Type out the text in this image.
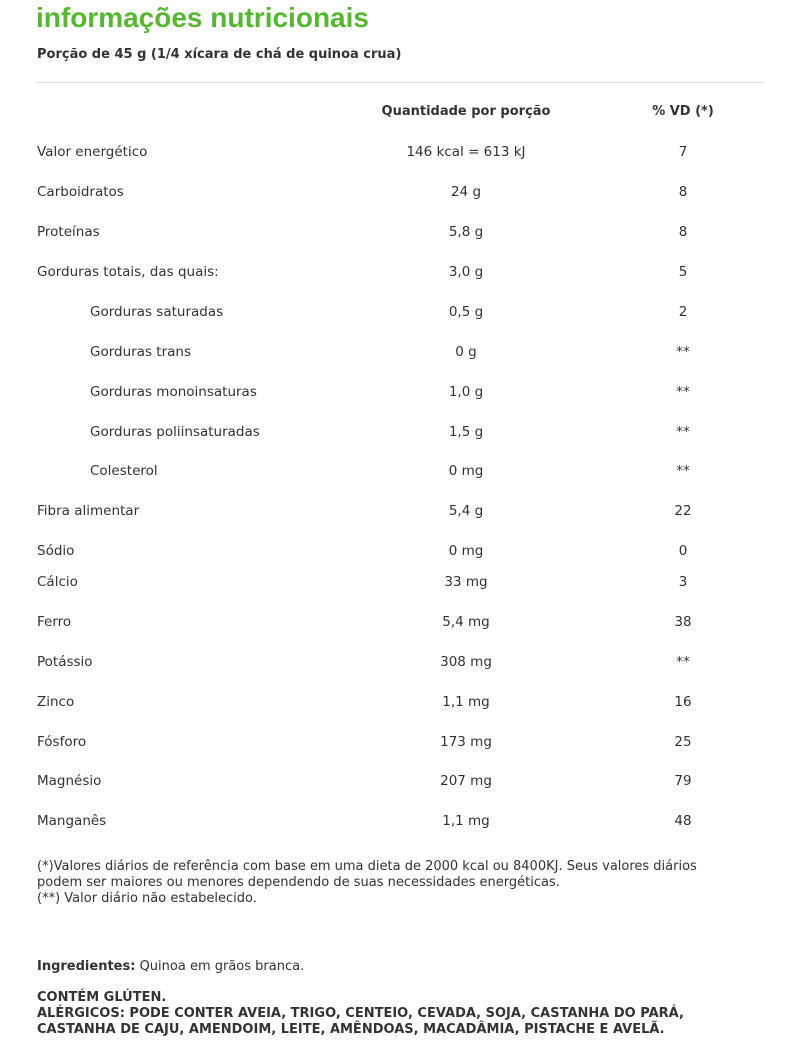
informações nutricionais
Porção de 45 g (1/4 xícara de chá de quinoa crua)
Quantidade por porção	% VD (*)
Valor energético	146 kcal = 613 kJ	7
Carboidratos	24 g	8
Proteínas	5,8 g	8
Gorduras totais, das quais:	3,0 g	5
Gorduras saturadas	0,5 g	2
Gorduras trans	0 g	**
Gorduras monoinsaturas	1,0 g	**
Gorduras poliinsaturadas	1,5 g	**
Colesterol	0 mg	**
Fibra alimentar	5,4 g	22
Sódio	0 mg	0
Cálcio	33 mg	3
Ferro	5,4 mg	38
Potássio	308 mg	**
Zinco	1,1 mg	16
Fósforo	173 mg	25
Magnésio	207 mg	79
Manganês	1,1 mg	48
(*)Valores diários de referência com base em uma dieta de 2000 kcal ou 8400KJ. Seus valores diários
podem ser maiores ou menores dependendo de suas necessidades energéticas.
(**) Valor diário não estabelecido.
Ingredientes: Quinoa em grãos branca.
CONTÉM GLÚTEN.
ALÉRGICOS: PODE CONTER AVEIA, TRIGO, CENTEIO, CEVADA, SOJA, CASTANHA DO PARÁ,
CASTANHA DE CAJU, AMENDOIM, LEITE, AMÊNDOAS, MACADÂMIA, PISTACHE E AVELÃ.
